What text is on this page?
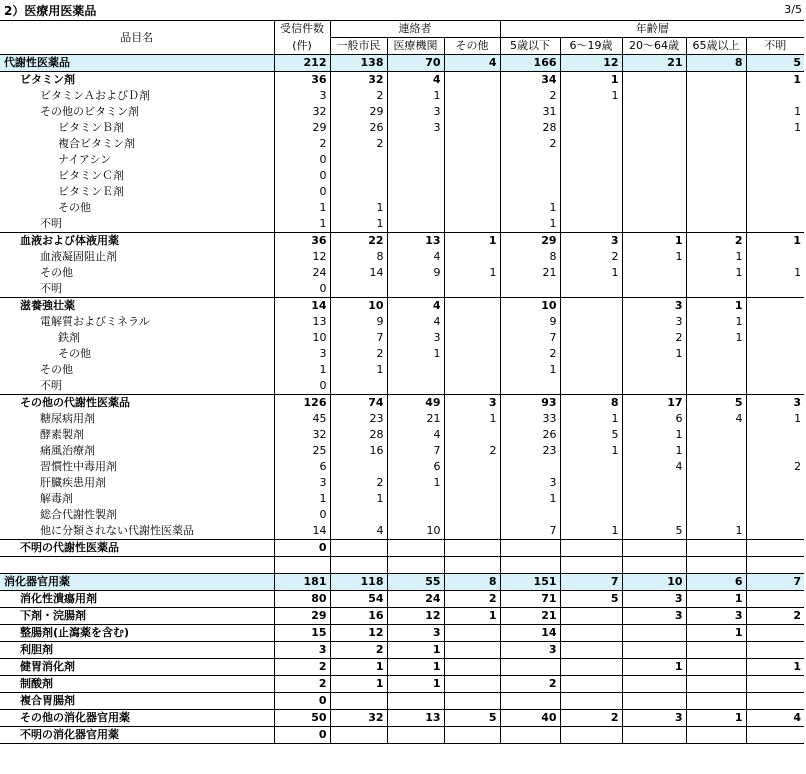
2）医療用医薬品	3/5
品目名	受信件数	連絡者			年齢層				
	(件)	一般市民	医療機関	その他	5歳以下	6～19歳	20～64歳	65歳以上	不明
代謝性医薬品	212	138	70	4	166	12	21	8	5
ビタミン剤	36	32	4		34	1			1
ビタミンＡおよびＤ剤	3	2	1		2	1			
その他のビタミン剤	32	29	3		31				1
ビタミンＢ剤	29	26	3		28				1
複合ビタミン剤	2	2			2				
ナイアシン	0								
ビタミンＣ剤	0								
ビタミンＥ剤	0								
その他	1	1			1				
不明	1	1			1				
血液および体液用薬	36	22	13	1	29	3	1	2	1
血液凝固阻止剤	12	8	4		8	2	1	1	
その他	24	14	9	1	21	1		1	1
不明	0								
滋養強壮薬	14	10	4		10		3	1	
電解質およびミネラル	13	9	4		9		3	1	
鉄剤	10	7	3		7		2	1	
その他	3	2	1		2		1		
その他	1	1			1				
不明	0								
その他の代謝性医薬品	126	74	49	3	93	8	17	5	3
糖尿病用剤	45	23	21	1	33	1	6	4	1
酵素製剤	32	28	4		26	5	1		
痛風治療剤	25	16	7	2	23	1	1		
習慣性中毒用剤	6		6				4		2
肝臓疾患用剤	3	2	1		3				
解毒剤	1	1			1				
総合代謝性製剤	0								
他に分類されない代謝性医薬品	14	4	10		7	1	5	1	
不明の代謝性医薬品	0								

消化器官用薬	181	118	55	8	151	7	10	6	7
消化性潰瘍用剤	80	54	24	2	71	5	3	1	
下剤・浣腸剤	29	16	12	1	21		3	3	2
整腸剤(止瀉薬を含む)	15	12	3		14			1	
利胆剤	3	2	1		3				
健胃消化剤	2	1	1				1		1
制酸剤	2	1	1		2				
複合胃腸剤	0								
その他の消化器官用薬	50	32	13	5	40	2	3	1	4
不明の消化器官用薬	0								
